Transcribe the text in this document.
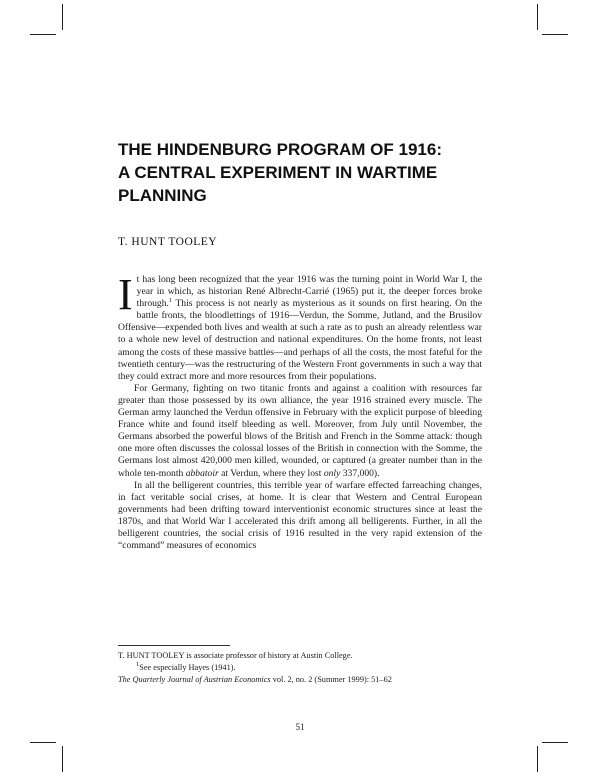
THE HINDENBURG PROGRAM OF 1916:
A CENTRAL EXPERIMENT IN WARTIME
PLANNING
T. HUNT TOOLEY

It has long been recognized that the year 1916 was the turning point in World War I, the year in which, as historian René Albrecht-Carrié (1965) put it, the deeper forces broke through.$^1$ This process is not nearly as mysterious as it sounds on first hearing. On the battle fronts, the bloodlettings of 1916—Verdun, the Somme, Jutland, and the Brusilov Offensive—expended both lives and wealth at such a rate as to push an already relentless war to a whole new level of destruction and national expenditures. On the home fronts, not least among the costs of these massive battles—and perhaps of all the costs, the most fateful for the twentieth century—was the restructuring of the Western Front governments in such a way that they could extract more and more resources from their populations.

For Germany, fighting on two titanic fronts and against a coalition with resources far greater than those possessed by its own alliance, the year 1916 strained every muscle. The German army launched the Verdun offensive in February with the explicit purpose of bleeding France white and found itself bleeding as well. Moreover, from July until November, the Germans absorbed the powerful blows of the British and French in the Somme attack: though one more often discusses the colossal losses of the British in connection with the Somme, the Germans lost almost 420,000 men killed, wounded, or captured (a greater number than in the whole ten-month abbatoir at Verdun, where they lost only 337,000).

In all the belligerent countries, this terrible year of warfare effected farreaching changes, in fact veritable social crises, at home. It is clear that Western and Central European governments had been drifting toward interventionist economic structures since at least the 1870s, and that World War I accelerated this drift among all belligerents. Further, in all the belligerent countries, the social crisis of 1916 resulted in the very rapid extension of the “command” measures of economics

T. HUNT TOOLEY is associate professor of history at Austin College.
$^1$See especially Hayes (1941).
The Quarterly Journal of Austrian Economics vol. 2, no. 2 (Summer 1999): 51–62
51
